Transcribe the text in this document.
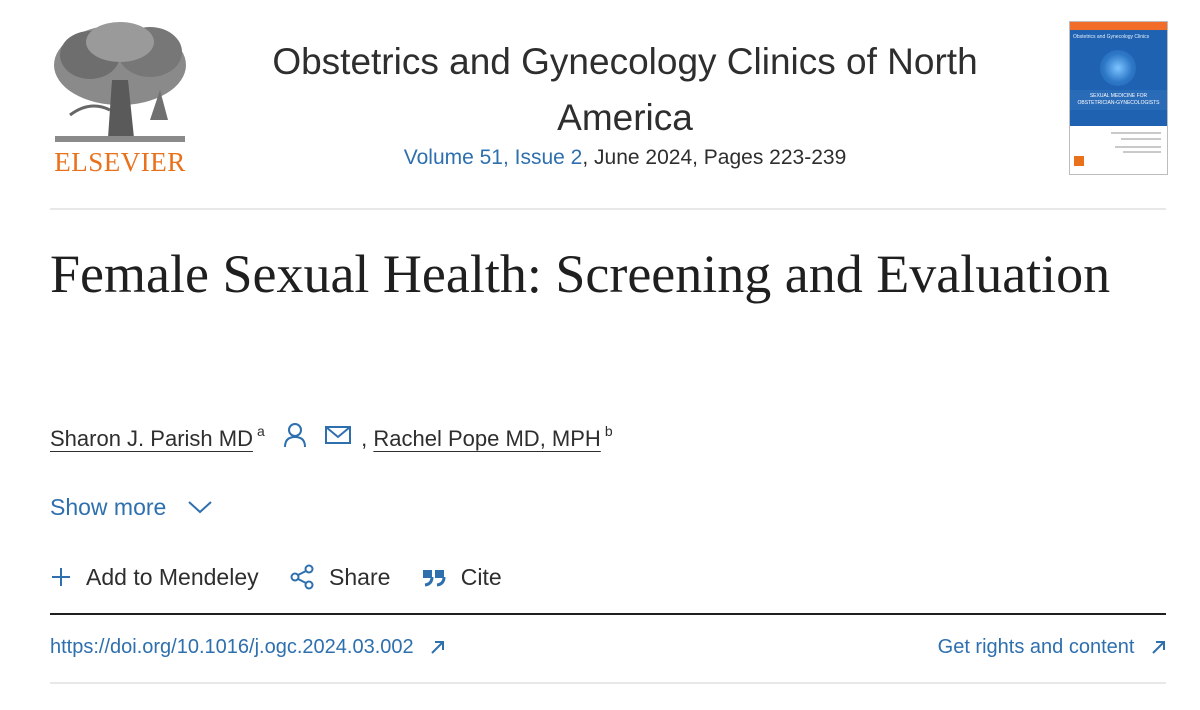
ELSEVIER
Obstetrics and Gynecology Clinics of North America
Volume 51, Issue 2, June 2024, Pages 223-239
Obstetrics and Gynecology Clinics
SEXUAL MEDICINE FOR OBSTETRICIAN-GYNECOLOGISTS
Female Sexual Health: Screening and Evaluation
Sharon J. Parish MD $^a$	, Rachel Pope MD, MPH $^b$
Show more
Add to Mendeley	Share	Cite
https://doi.org/10.1016/j.ogc.2024.03.002	Get rights and content
